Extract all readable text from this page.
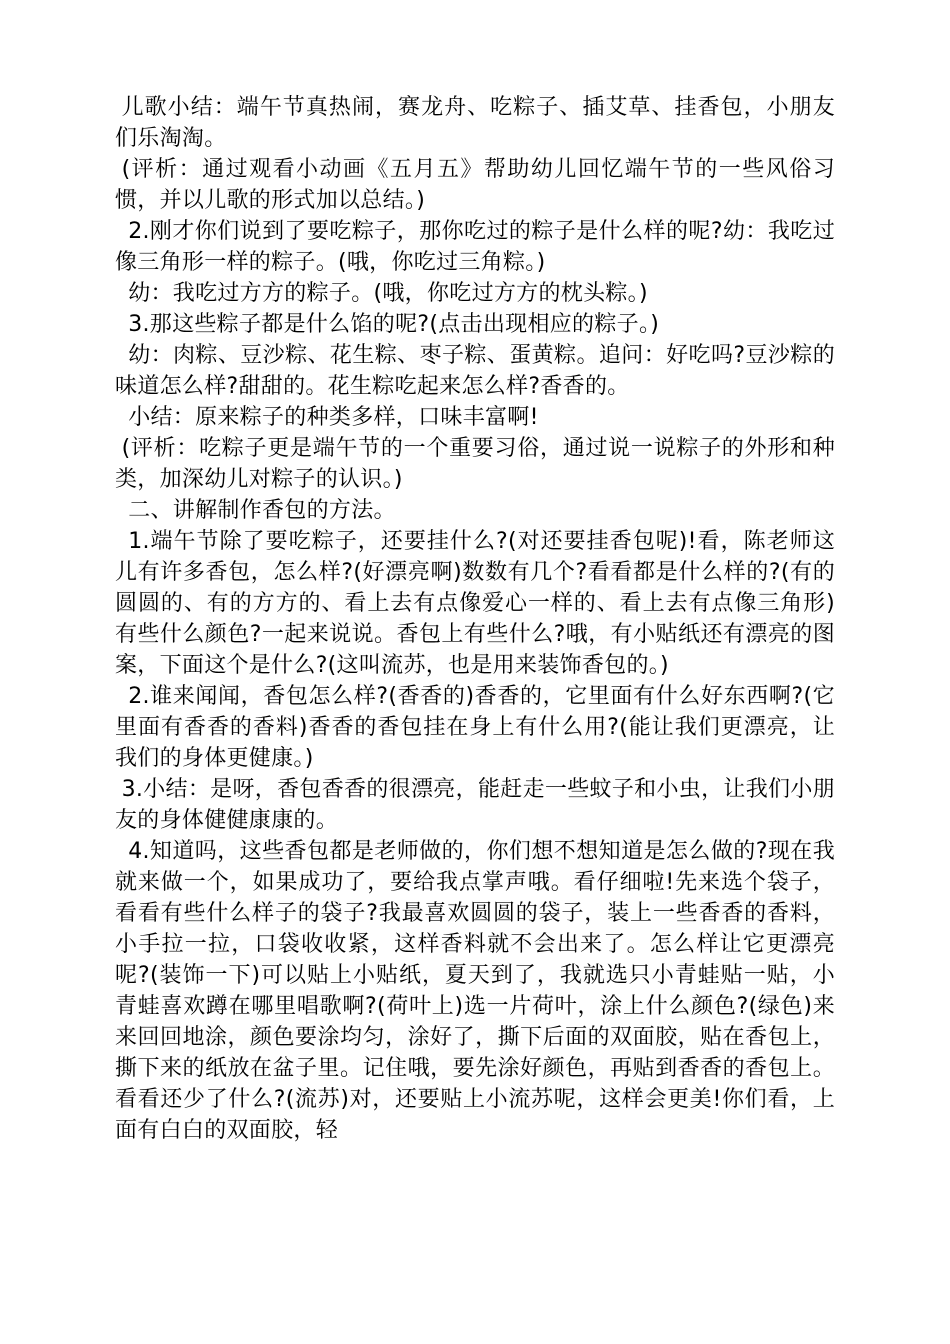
儿歌小结：端午节真热闹，赛龙舟、吃粽子、插艾草、挂香包，小朋友们乐淘淘。

(评析：通过观看小动画《五月五》帮助幼儿回忆端午节的一些风俗习惯，并以儿歌的形式加以总结。)

2.刚才你们说到了要吃粽子，那你吃过的粽子是什么样的呢?幼：我吃过像三角形一样的粽子。(哦，你吃过三角粽。)

幼：我吃过方方的粽子。(哦，你吃过方方的枕头粽。)

3.那这些粽子都是什么馅的呢?(点击出现相应的粽子。)

幼：肉粽、豆沙粽、花生粽、枣子粽、蛋黄粽。追问：好吃吗?豆沙粽的味道怎么样?甜甜的。花生粽吃起来怎么样?香香的。

小结：原来粽子的种类多样，口味丰富啊!

(评析：吃粽子更是端午节的一个重要习俗，通过说一说粽子的外形和种类，加深幼儿对粽子的认识。)

二、讲解制作香包的方法。

1.端午节除了要吃粽子，还要挂什么?(对还要挂香包呢)!看，陈老师这儿有许多香包，怎么样?(好漂亮啊)数数有几个?看看都是什么样的?(有的圆圆的、有的方方的、看上去有点像爱心一样的、看上去有点像三角形)有些什么颜色?一起来说说。香包上有些什么?哦，有小贴纸还有漂亮的图案，下面这个是什么?(这叫流苏，也是用来装饰香包的。)

2.谁来闻闻，香包怎么样?(香香的)香香的，它里面有什么好东西啊?(它里面有香香的香料)香香的香包挂在身上有什么用?(能让我们更漂亮，让我们的身体更健康。)

3.小结：是呀，香包香香的很漂亮，能赶走一些蚊子和小虫，让我们小朋友的身体健健康康的。

4.知道吗，这些香包都是老师做的，你们想不想知道是怎么做的?现在我就来做一个，如果成功了，要给我点掌声哦。看仔细啦!先来选个袋子，看看有些什么样子的袋子?我最喜欢圆圆的袋子，装上一些香香的香料，小手拉一拉，口袋收收紧，这样香料就不会出来了。怎么样让它更漂亮呢?(装饰一下)可以贴上小贴纸，夏天到了，我就选只小青蛙贴一贴，小青蛙喜欢蹲在哪里唱歌啊?(荷叶上)选一片荷叶，涂上什么颜色?(绿色)来来回回地涂，颜色要涂均匀，涂好了，撕下后面的双面胶，贴在香包上，撕下来的纸放在盆子里。记住哦，要先涂好颜色，再贴到香香的香包上。看看还少了什么?(流苏)对，还要贴上小流苏呢，这样会更美!你们看，上面有白白的双面胶，轻
